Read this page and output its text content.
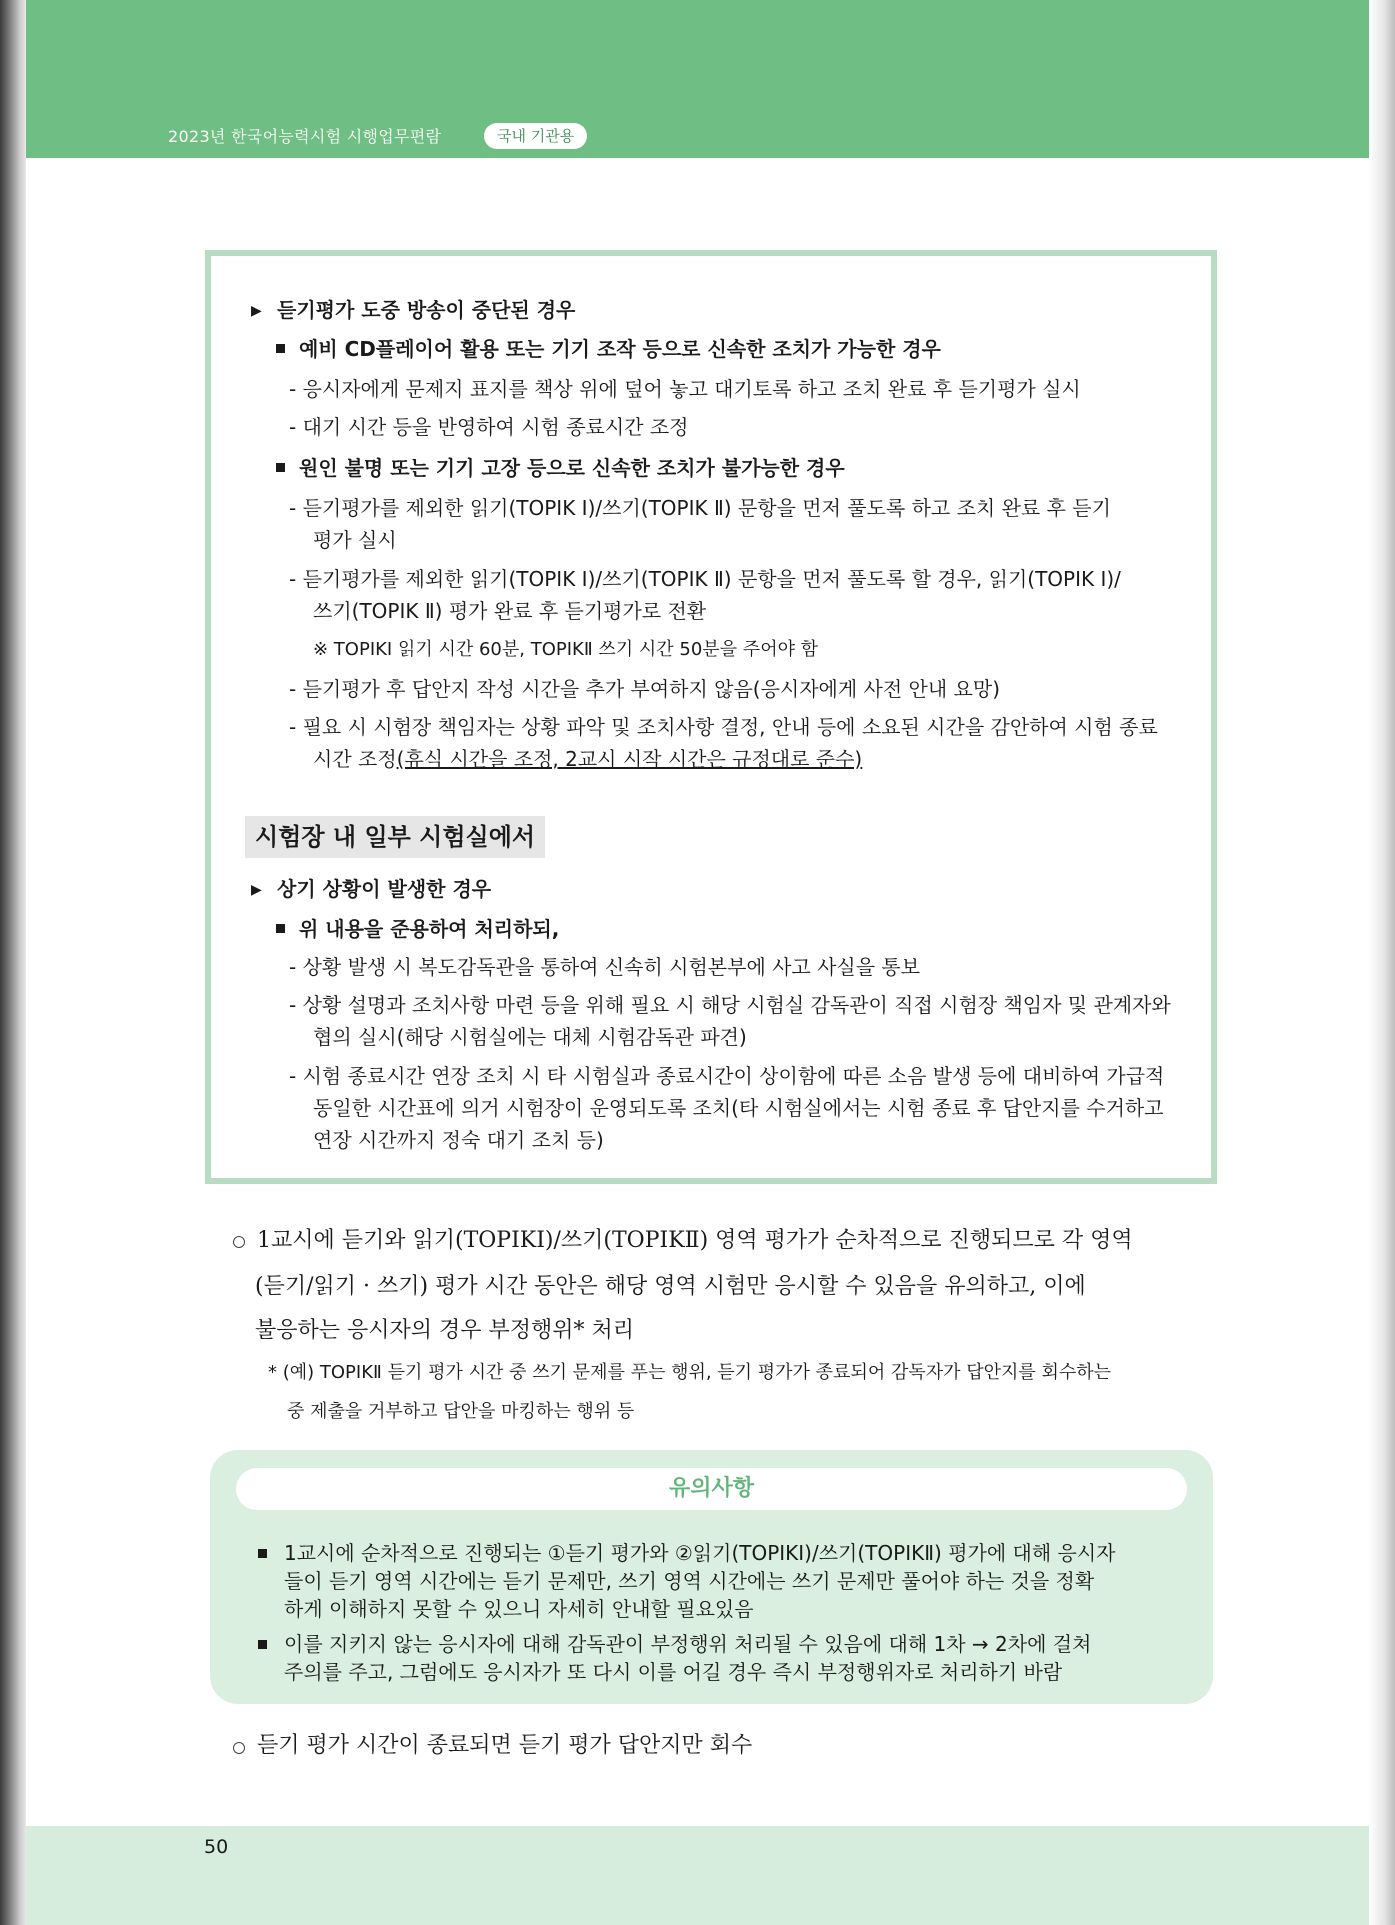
2023년 한국어능력시험 시행업무편람	국내 기관용
▶ 듣기평가 도중 방송이 중단된 경우
예비 CD플레이어 활용 또는 기기 조작 등으로 신속한 조치가 가능한 경우
- 응시자에게 문제지 표지를 책상 위에 덮어 놓고 대기토록 하고 조치 완료 후 듣기평가 실시
- 대기 시간 등을 반영하여 시험 종료시간 조정
원인 불명 또는 기기 고장 등으로 신속한 조치가 불가능한 경우
- 듣기평가를 제외한 읽기(TOPIK Ⅰ)/쓰기(TOPIK Ⅱ) 문항을 먼저 풀도록 하고 조치 완료 후 듣기
평가 실시
- 듣기평가를 제외한 읽기(TOPIK Ⅰ)/쓰기(TOPIK Ⅱ) 문항을 먼저 풀도록 할 경우, 읽기(TOPIK Ⅰ)/
쓰기(TOPIK Ⅱ) 평가 완료 후 듣기평가로 전환
※ TOPIKⅠ 읽기 시간 60분, TOPIKⅡ 쓰기 시간 50분을 주어야 함
- 듣기평가 후 답안지 작성 시간을 추가 부여하지 않음(응시자에게 사전 안내 요망)
- 필요 시 시험장 책임자는 상황 파악 및 조치사항 결정, 안내 등에 소요된 시간을 감안하여 시험 종료
시간 조정(휴식 시간을 조정, 2교시 시작 시간은 규정대로 준수)
시험장 내 일부 시험실에서
▶ 상기 상황이 발생한 경우
위 내용을 준용하여 처리하되,
- 상황 발생 시 복도감독관을 통하여 신속히 시험본부에 사고 사실을 통보
- 상황 설명과 조치사항 마련 등을 위해 필요 시 해당 시험실 감독관이 직접 시험장 책임자 및 관계자와
협의 실시(해당 시험실에는 대체 시험감독관 파견)
- 시험 종료시간 연장 조치 시 타 시험실과 종료시간이 상이함에 따른 소음 발생 등에 대비하여 가급적
동일한 시간표에 의거 시험장이 운영되도록 조치(타 시험실에서는 시험 종료 후 답안지를 수거하고
연장 시간까지 정숙 대기 조치 등)
1교시에 듣기와 읽기(TOPIKⅠ)/쓰기(TOPIKⅡ) 영역 평가가 순차적으로 진행되므로 각 영역
(듣기/읽기 · 쓰기) 평가 시간 동안은 해당 영역 시험만 응시할 수 있음을 유의하고, 이에
불응하는 응시자의 경우 부정행위* 처리
* (예) TOPIKⅡ 듣기 평가 시간 중 쓰기 문제를 푸는 행위, 듣기 평가가 종료되어 감독자가 답안지를 회수하는
중 제출을 거부하고 답안을 마킹하는 행위 등
유의사항
1교시에 순차적으로 진행되는 ①듣기 평가와 ②읽기(TOPIKⅠ)/쓰기(TOPIKⅡ) 평가에 대해 응시자
들이 듣기 영역 시간에는 듣기 문제만, 쓰기 영역 시간에는 쓰기 문제만 풀어야 하는 것을 정확
하게 이해하지 못할 수 있으니 자세히 안내할 필요있음
이를 지키지 않는 응시자에 대해 감독관이 부정행위 처리될 수 있음에 대해 1차 → 2차에 걸쳐
주의를 주고, 그럼에도 응시자가 또 다시 이를 어길 경우 즉시 부정행위자로 처리하기 바람
듣기 평가 시간이 종료되면 듣기 평가 답안지만 회수
50
